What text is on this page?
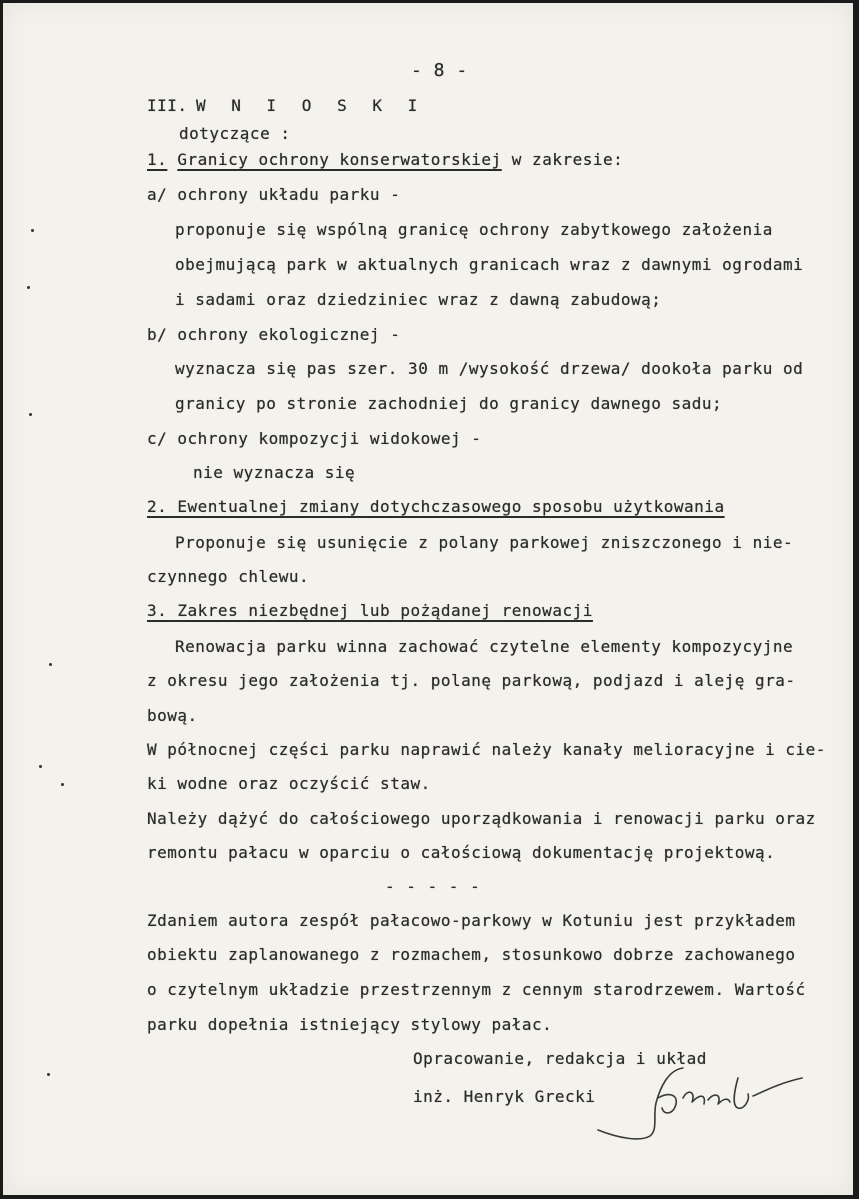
- 8 -
III. W N I O S K I
dotyczące :
1. Granicy ochrony konserwatorskiej w zakresie:
a/ ochrony układu parku -
proponuje się wspólną granicę ochrony zabytkowego założenia
obejmującą park w aktualnych granicach wraz z dawnymi ogrodami
i sadami oraz dziedziniec wraz z dawną zabudową;
b/ ochrony ekologicznej -
wyznacza się pas szer. 30 m /wysokość drzewa/ dookoła parku od
granicy po stronie zachodniej do granicy dawnego sadu;
c/ ochrony kompozycji widokowej -
nie wyznacza się
2. Ewentualnej zmiany dotychczasowego sposobu użytkowania
Proponuje się usunięcie z polany parkowej zniszczonego i nie-
czynnego chlewu.
3. Zakres niezbędnej lub pożądanej renowacji
Renowacja parku winna zachować czytelne elementy kompozycyjne
z okresu jego założenia tj. polanę parkową, podjazd i aleję gra-
bową.
W północnej części parku naprawić należy kanały melioracyjne i cie-
ki wodne oraz oczyścić staw.
Należy dążyć do całościowego uporządkowania i renowacji parku oraz
remontu pałacu w oparciu o całościową dokumentację projektową.
- - - - -
Zdaniem autora zespół pałacowo-parkowy w Kotuniu jest przykładem
obiektu zaplanowanego z rozmachem, stosunkowo dobrze zachowanego
o czytelnym układzie przestrzennym z cennym starodrzewem. Wartość
parku dopełnia istniejący stylowy pałac.
Opracowanie, redakcja i układ
inż. Henryk Grecki
